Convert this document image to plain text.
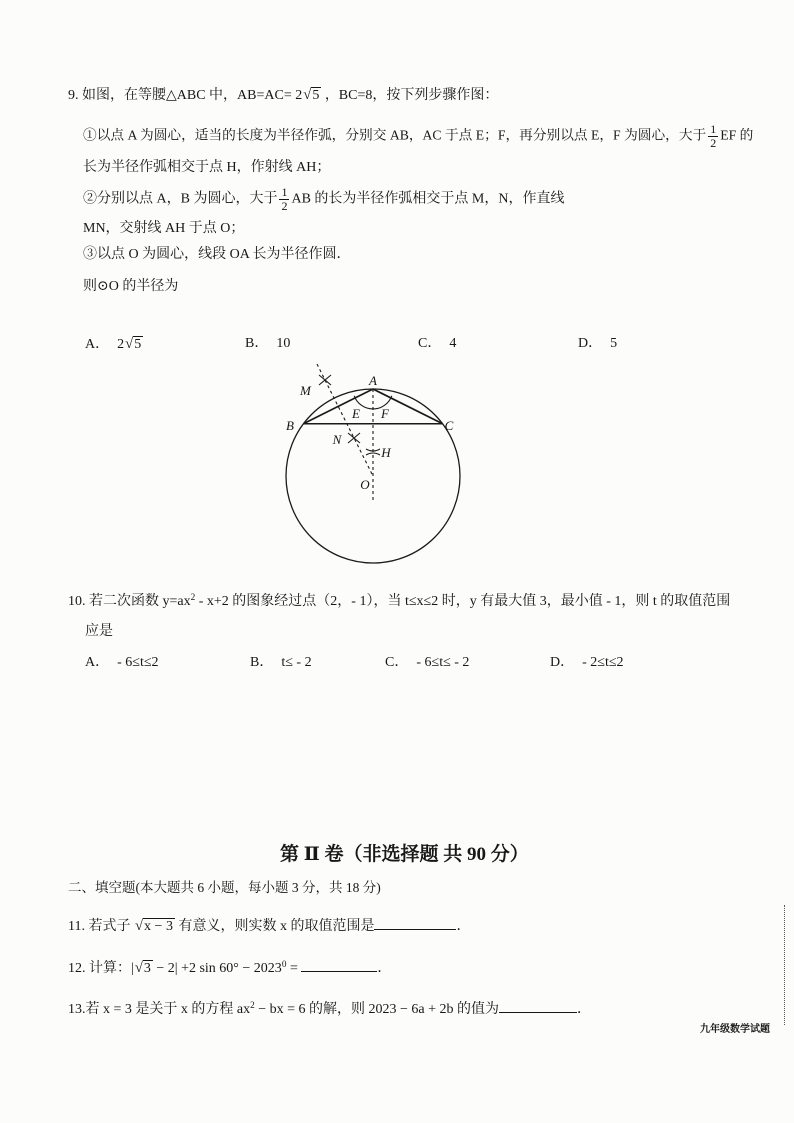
9. 如图，在等腰△ABC 中，AB=AC= 2√5 ，BC=8，按下列步骤作图：
①以点 A 为圆心，适当的长度为半径作弧，分别交 AB，AC 于点 E；F，再分别以点 E，F 为圆心，大于 $\frac{1}{2}$ EF 的
长为半径作弧相交于点 H，作射线 AH；
②分别以点 A，B 为圆心，大于 $\frac{1}{2}$ AB 的长为半径作弧相交于点 M，N，作直线
MN，交射线 AH 于点 O；
③以点 O 为圆心，线段 OA 长为半径作圆．
则⊙O 的半径为
A． 2√5	B． 10	C． 4	D． 5
M
A
E F
B	C
N
H
O
10. 若二次函数 $y=ax^2 - x+2$ 的图象经过点（2，- 1），当 t≤x≤2 时，y 有最大值 3，最小值 - 1，则 t 的取值范围
应是
A． - 6≤t≤2	B． t≤ - 2	C． - 6≤t≤ - 2	D． - 2≤t≤2
第 Ⅱ 卷（非选择题 共 90 分）
二、填空题(本大题共 6 小题，每小题 3 分，共 18 分)
11. 若式子 √x − 3 有意义，则实数 x 的取值范围是	．
12. 计算：|√3 − 2| +2 $\sin 60^\circ - 2023^0$ =	．
13.若 x = 3 是关于 x 的方程 $ax^2$ − bx = 6 的解，则 2023 − 6a + 2b 的值为	．
九年级数学试题
